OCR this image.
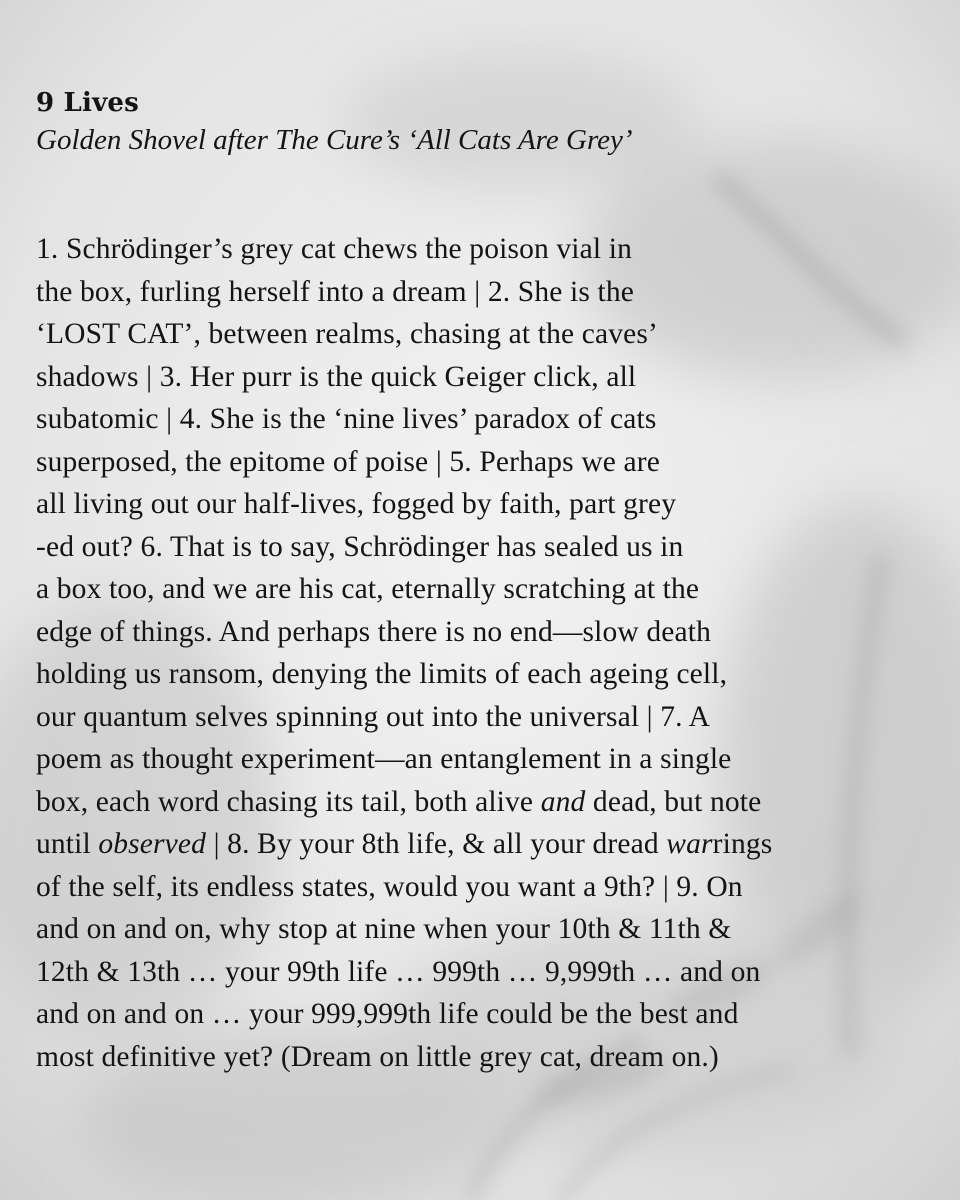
9 Lives
Golden Shovel after The Cure’s ‘All Cats Are Grey’

1. Schrödinger’s grey cat chews the poison vial in

the box, furling herself into a dream | 2. She is the

‘LOST CAT’, between realms, chasing at the caves’

shadows | 3. Her purr is the quick Geiger click, all

subatomic | 4. She is the ‘nine lives’ paradox of cats

superposed, the epitome of poise | 5. Perhaps we are

all living out our half-lives, fogged by faith, part grey

-ed out? 6. That is to say, Schrödinger has sealed us in

a box too, and we are his cat, eternally scratching at the

edge of things. And perhaps there is no end—slow death

holding us ransom, denying the limits of each ageing cell,

our quantum selves spinning out into the universal | 7. A

poem as thought experiment—an entanglement in a single

box, each word chasing its tail, both alive and dead, but note

until observed | 8. By your 8th life, & all your dread warrings

of the self, its endless states, would you want a 9th? | 9. On

and on and on, why stop at nine when your 10th & 11th &

12th & 13th … your 99th life … 999th … 9,999th … and on

and on and on … your 999,999th life could be the best and

most definitive yet? (Dream on little grey cat, dream on.)
